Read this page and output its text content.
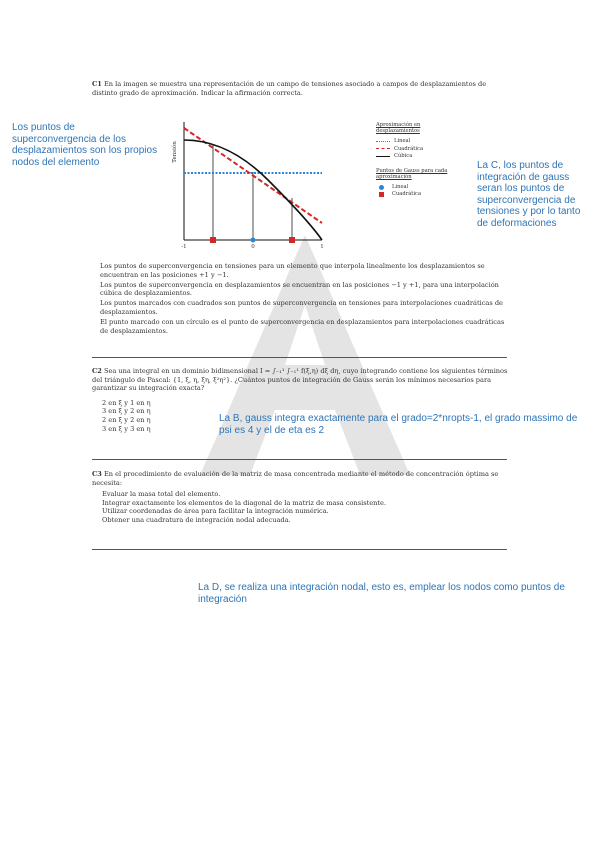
C1 En la imagen se muestra una representación de un campo de tensiones asociado a campos de desplazamientos de distinto grado de aproximación. Indicar la afirmación correcta.

Tensión
-1	0	1
Aproximación en desplazamientos
Lineal
Cuadrática
Cúbica
Puntos de Gauss para cada aproximación
Lineal
Cuadrática

Los puntos de superconvergencia en tensiones para un elemento que interpola linealmente los desplazamientos se encuentran en las posiciones +1 y −1.

Los puntos de superconvergencia en desplazamientos se encuentran en las posiciones −1 y +1, para una interpolación cúbica de desplazamientos.

Los puntos marcados con cuadrados son puntos de superconvergencia en tensiones para interpolaciones cuadráticas de desplazamientos.

El punto marcado con un círculo es el punto de superconvergencia en desplazamientos para interpolaciones cuadráticas de desplazamientos.

C2 Sea una integral en un dominio bidimensional I = ∫₋₁¹ ∫₋₁¹ f(ξ,η) dξ dη, cuyo integrando contiene los siguientes términos del triángulo de Pascal: {1, ξ, η, ξη, ξ²η²}. ¿Cuántos puntos de integración de Gauss serán los mínimos necesarios para garantizar su integración exacta?

2 en ξ y 1 en η
3 en ξ y 2 en η
2 en ξ y 2 en η
3 en ξ y 3 en η

C3 En el procedimiento de evaluación de la matriz de masa concentrada mediante el método de concentración óptima se necesita:

Evaluar la masa total del elemento.
Integrar exactamente los elementos de la diagonal de la matriz de masa consistente.
Utilizar coordenadas de área para facilitar la integración numérica.
Obtener una cuadratura de integración nodal adecuada.
Los puntos de superconvergencia de los desplazamientos son los propios nodos del elemento	La C, los puntos de integración de gauss seran los puntos de superconvergencia de tensiones y por lo tanto de deformaciones
La B, gauss integra exactamente para el grado=2*nropts-1, el grado massimo de psi es 4 y el de eta es 2
La D, se realiza una integración nodal, esto es, emplear los nodos como puntos de integración
